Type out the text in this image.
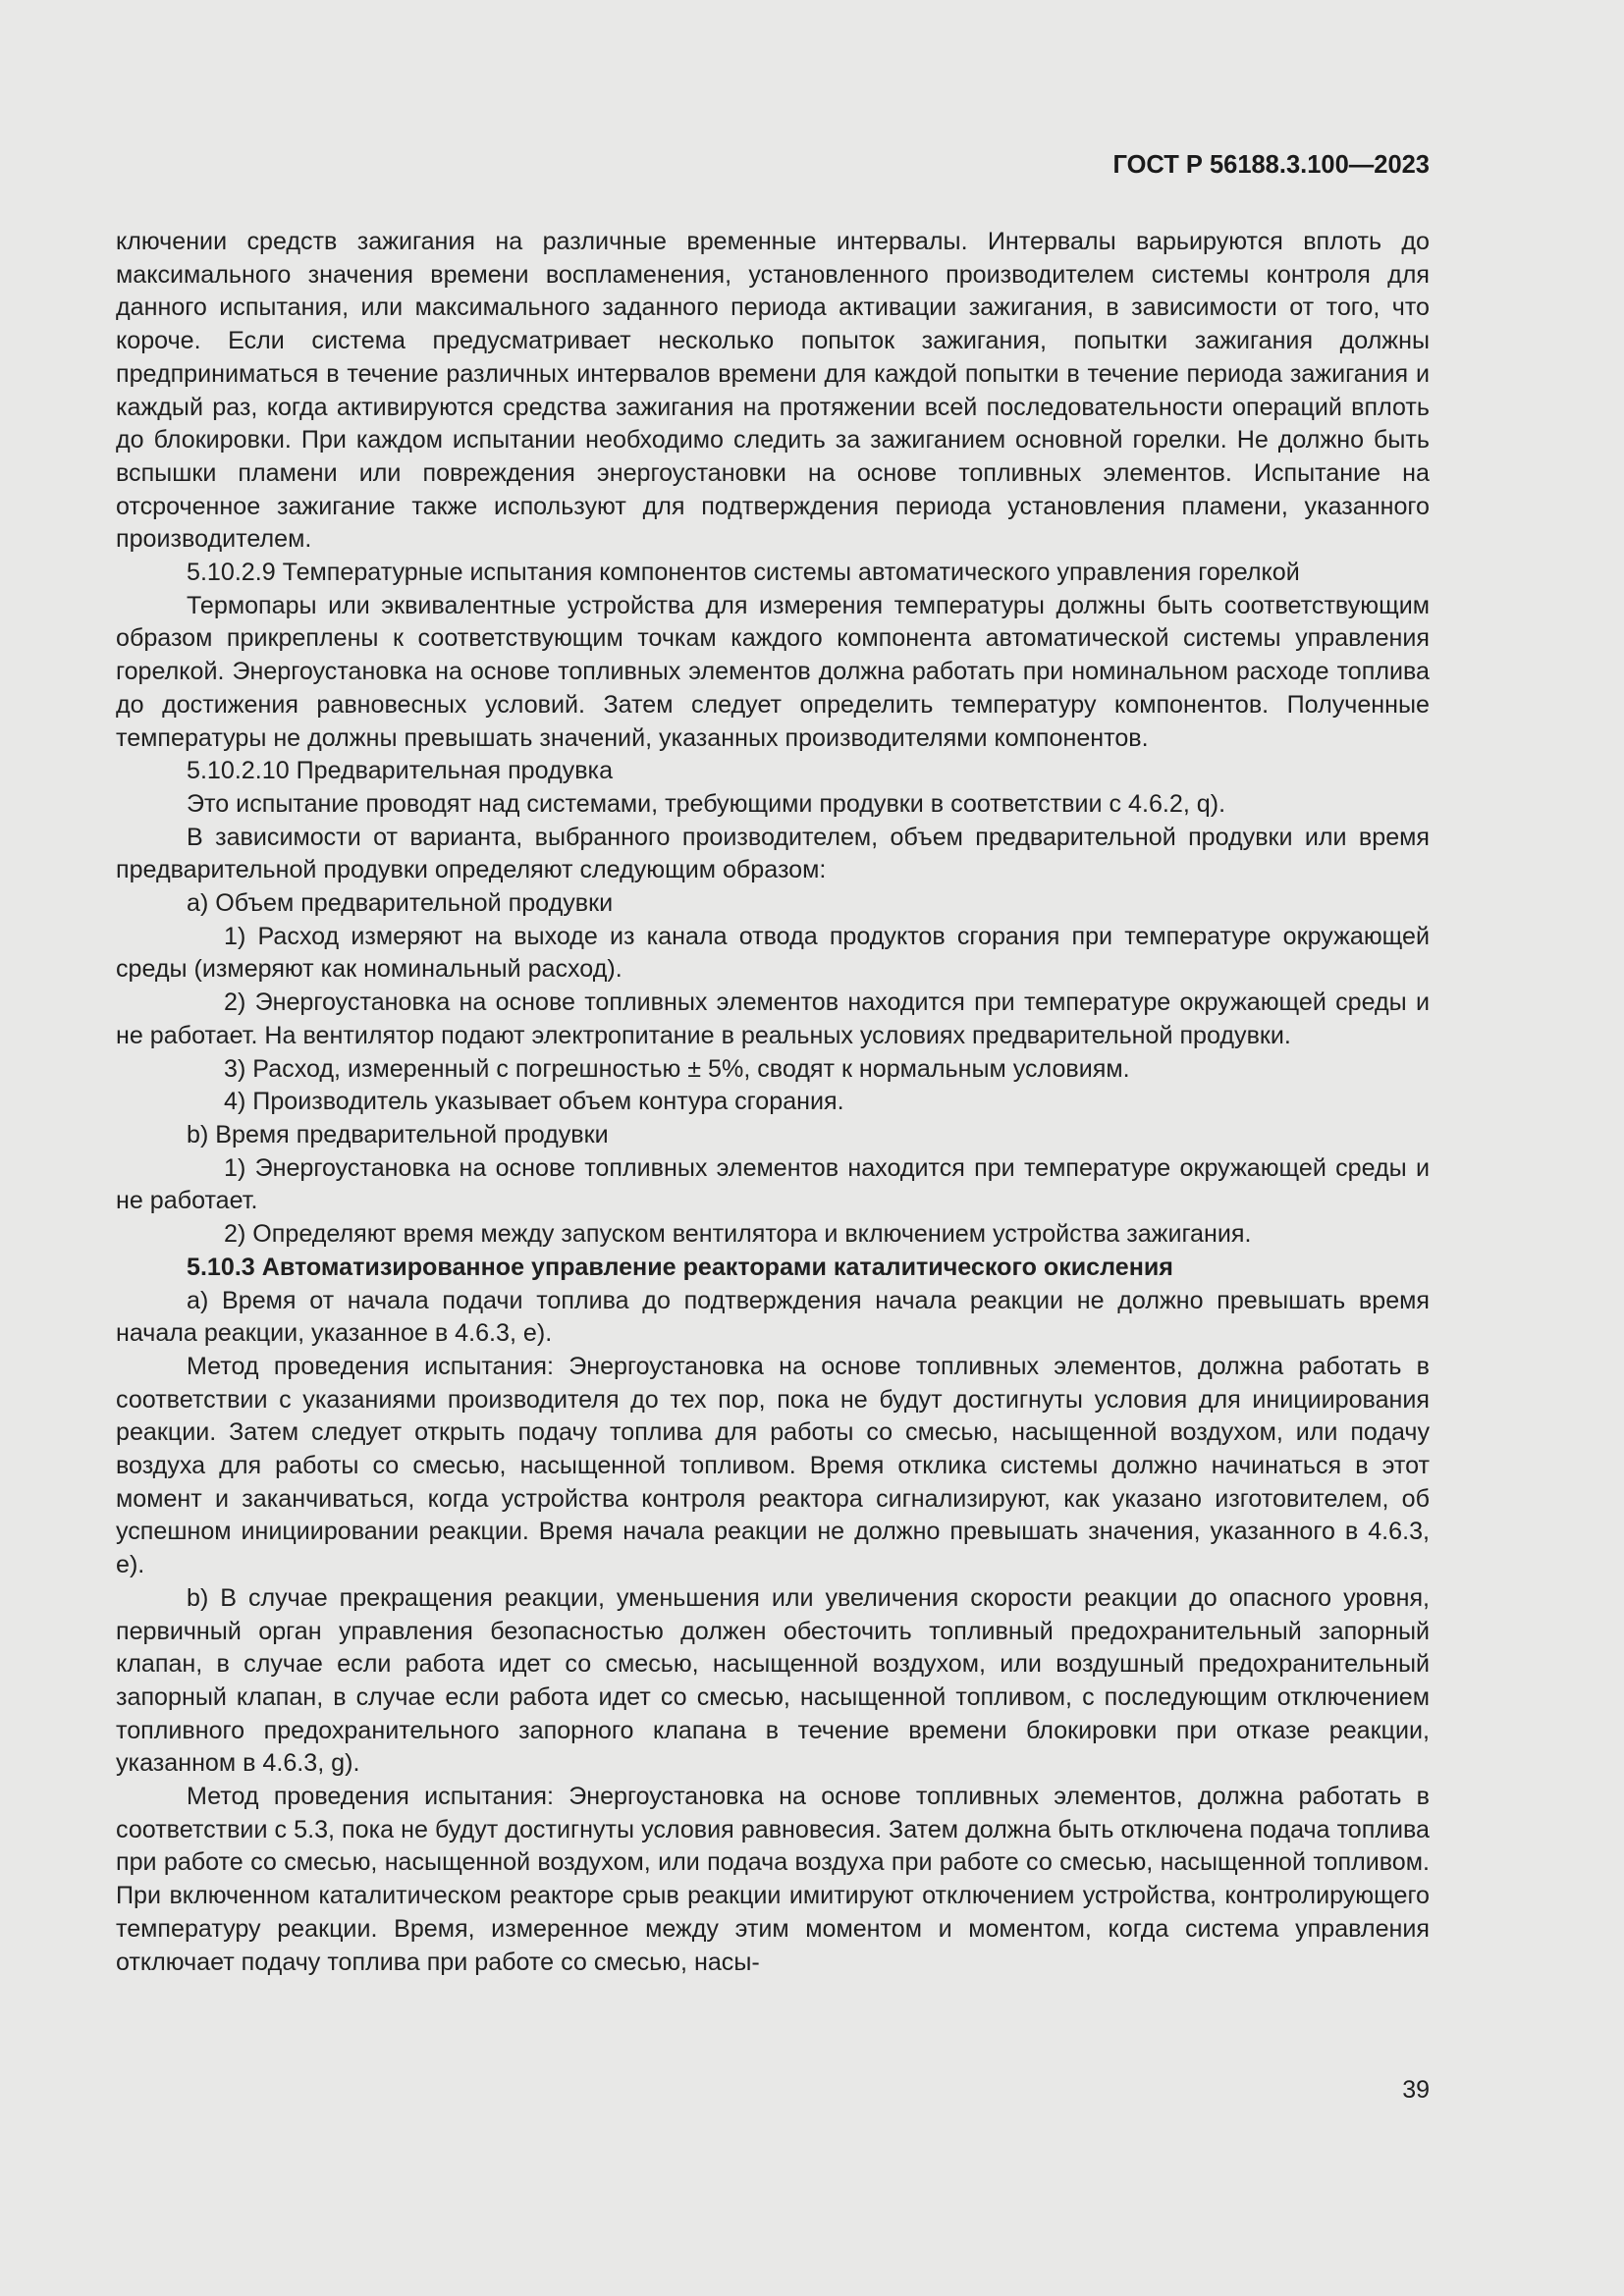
ГОСТ Р 56188.3.100—2023

ключении средств зажигания на различные временные интервалы. Интервалы варьируются вплоть до максимального значения времени воспламенения, установленного производителем системы контроля для данного испытания, или максимального заданного периода активации зажигания, в зависимости от того, что короче. Если система предусматривает несколько попыток зажигания, попытки зажигания должны предприниматься в течение различных интервалов времени для каждой попытки в течение периода зажигания и каждый раз, когда активируются средства зажигания на протяжении всей последовательности операций вплоть до блокировки. При каждом испытании необходимо следить за зажиганием основной горелки. Не должно быть вспышки пламени или повреждения энергоустановки на основе топливных элементов. Испытание на отсроченное зажигание также используют для подтверждения периода установления пламени, указанного производителем.

5.10.2.9 Температурные испытания компонентов системы автоматического управления горелкой

Термопары или эквивалентные устройства для измерения температуры должны быть соответствующим образом прикреплены к соответствующим точкам каждого компонента автоматической системы управления горелкой. Энергоустановка на основе топливных элементов должна работать при номинальном расходе топлива до достижения равновесных условий. Затем следует определить температуру компонентов. Полученные температуры не должны превышать значений, указанных производителями компонентов.

5.10.2.10 Предварительная продувка

Это испытание проводят над системами, требующими продувки в соответствии с 4.6.2, q).

В зависимости от варианта, выбранного производителем, объем предварительной продувки или время предварительной продувки определяют следующим образом:

a) Объем предварительной продувки

1) Расход измеряют на выходе из канала отвода продуктов сгорания при температуре окружающей среды (измеряют как номинальный расход).

2) Энергоустановка на основе топливных элементов находится при температуре окружающей среды и не работает. На вентилятор подают электропитание в реальных условиях предварительной продувки.

3) Расход, измеренный с погрешностью ± 5%, сводят к нормальным условиям.

4) Производитель указывает объем контура сгорания.

b) Время предварительной продувки

1) Энергоустановка на основе топливных элементов находится при температуре окружающей среды и не работает.

2) Определяют время между запуском вентилятора и включением устройства зажигания.

5.10.3 Автоматизированное управление реакторами каталитического окисления

a) Время от начала подачи топлива до подтверждения начала реакции не должно превышать время начала реакции, указанное в 4.6.3, e).

Метод проведения испытания: Энергоустановка на основе топливных элементов, должна работать в соответствии с указаниями производителя до тех пор, пока не будут достигнуты условия для инициирования реакции. Затем следует открыть подачу топлива для работы со смесью, насыщенной воздухом, или подачу воздуха для работы со смесью, насыщенной топливом. Время отклика системы должно начинаться в этот момент и заканчиваться, когда устройства контроля реактора сигнализируют, как указано изготовителем, об успешном инициировании реакции. Время начала реакции не должно превышать значения, указанного в 4.6.3, e).

b) В случае прекращения реакции, уменьшения или увеличения скорости реакции до опасного уровня, первичный орган управления безопасностью должен обесточить топливный предохранительный запорный клапан, в случае если работа идет со смесью, насыщенной воздухом, или воздушный предохранительный запорный клапан, в случае если работа идет со смесью, насыщенной топливом, с последующим отключением топливного предохранительного запорного клапана в течение времени блокировки при отказе реакции, указанном в 4.6.3, g).

Метод проведения испытания: Энергоустановка на основе топливных элементов, должна работать в соответствии с 5.3, пока не будут достигнуты условия равновесия. Затем должна быть отключена подача топлива при работе со смесью, насыщенной воздухом, или подача воздуха при работе со смесью, насыщенной топливом. При включенном каталитическом реакторе срыв реакции имитируют отключением устройства, контролирующего температуру реакции. Время, измеренное между этим моментом и моментом, когда система управления отключает подачу топлива при работе со смесью, насы-

39
